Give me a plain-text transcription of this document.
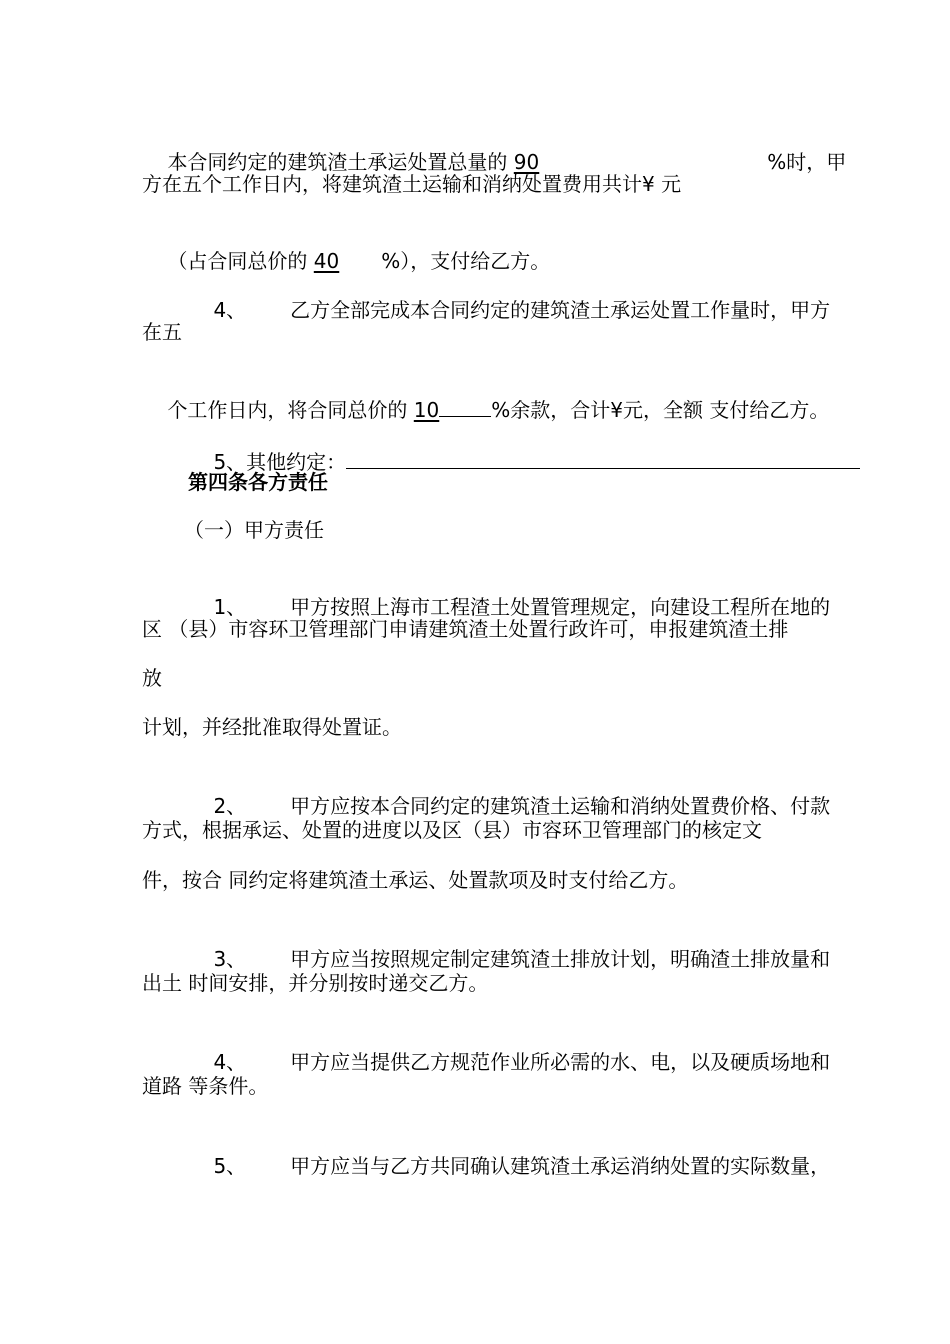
本合同约定的建筑渣土承运处置总量的 90	%时，甲

方在五个工作日内，将建筑渣土运输和消纳处置费用共计¥ 元

（占合同总价的 40 %），支付给乙方。

4、 乙方全部完成本合同约定的建筑渣土承运处置工作量时，甲方

在五

个工作日内，将合同总价的 10	%余款，合计¥元，全额 支付给乙方。

5、其他约定：

第四条各方责任
（一）甲方责任

1、 甲方按照上海市工程渣土处置管理规定，向建设工程所在地的

区 （县）市容环卫管理部门申请建筑渣土处置行政许可，申报建筑渣土排
放
计划，并经批准取得处置证。

2、 甲方应按本合同约定的建筑渣土运输和消纳处置费价格、付款

方式，根据承运、处置的进度以及区（县）市容环卫管理部门的核定文
件，按合 同约定将建筑渣土承运、处置款项及时支付给乙方。

3、 甲方应当按照规定制定建筑渣土排放计划，明确渣土排放量和

出土 时间安排，并分别按时递交乙方。

4、 甲方应当提供乙方规范作业所必需的水、电，以及硬质场地和

道路 等条件。

5、 甲方应当与乙方共同确认建筑渣土承运消纳处置的实际数量，
